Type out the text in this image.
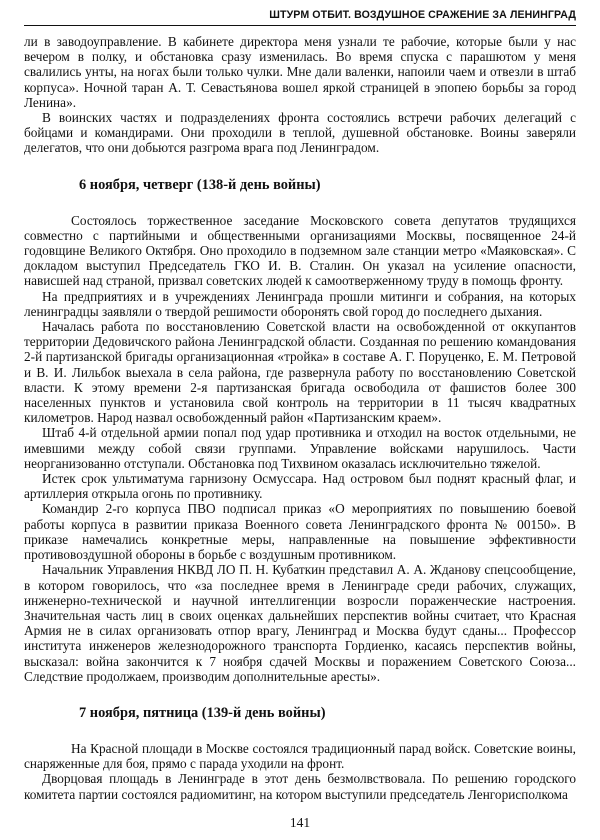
ШТУРМ ОТБИТ. ВОЗДУШНОЕ СРАЖЕНИЕ ЗА ЛЕНИНГРАД

ли в заводоуправление. В кабинете директора меня узнали те рабочие, которые были у нас вечером в полку, и обстановка сразу изменилась. Во время спуска с парашютом у меня свалились унты, на ногах были только чулки. Мне дали валенки, напоили чаем и отвезли в штаб корпуса». Ночной таран А. Т. Севастьянова вошел яркой страницей в эпопею борьбы за город Ленина».

В воинских частях и подразделениях фронта состоялись встречи рабочих делегаций с бойцами и командирами. Они проходили в теплой, душевной обстановке. Воины заверяли делегатов, что они добьются разгрома врага под Ленинградом.

6 ноября, четверг (138-й день войны)

Состоялось торжественное заседание Московского совета депутатов трудящихся совместно с партийными и общественными организациями Москвы, посвященное 24-й годовщине Великого Октября. Оно проходило в подземном зале станции метро «Маяковская». С докладом выступил Председатель ГКО И. В. Сталин. Он указал на усиление опасности, нависшей над страной, призвал советских людей к самоотверженному труду в помощь фронту.

На предприятиях и в учреждениях Ленинграда прошли митинги и собрания, на которых ленинградцы заявляли о твердой решимости оборонять свой город до последнего дыхания.

Началась работа по восстановлению Советской власти на освобожденной от оккупантов территории Дедовичского района Ленинградской области. Созданная по решению командования 2-й партизанской бригады организационная «тройка» в составе А. Г. Поруценко, Е. М. Петровой и В. И. Лильбок выехала в села района, где развернула работу по восстановлению Советской власти. К этому времени 2-я партизанская бригада освободила от фашистов более 300 населенных пунктов и установила свой контроль на территории в 11 тысяч квадратных километров. Народ назвал освобожденный район «Партизанским краем».

Штаб 4-й отдельной армии попал под удар противника и отходил на восток отдельными, не имевшими между собой связи группами. Управление войсками нарушилось. Части неорганизованно отступали. Обстановка под Тихвином оказалась исключительно тяжелой.

Истек срок ультиматума гарнизону Осмуссара. Над островом был поднят красный флаг, и артиллерия открыла огонь по противнику.

Командир 2-го корпуса ПВО подписал приказ «О мероприятиях по повышению боевой работы корпуса в развитии приказа Военного совета Ленинградского фронта № 00150». В приказе намечались конкретные меры, направленные на повышение эффективности противовоздушной обороны в борьбе с воздушным противником.

Начальник Управления НКВД ЛО П. Н. Кубаткин представил А. А. Жданову спецсообщение, в котором говорилось, что «за последнее время в Ленинграде среди рабочих, служащих, инженерно-технической и научной интеллигенции возросли пораженческие настроения. Значительная часть лиц в своих оценках дальнейших перспектив войны считает, что Красная Армия не в силах организовать отпор врагу, Ленинград и Москва будут сданы... Профессор института инженеров железнодорожного транспорта Гордиенко, касаясь перспектив войны, высказал: война закончится к 7 ноября сдачей Москвы и поражением Советского Союза... Следствие продолжаем, производим дополнительные аресты».

7 ноября, пятница (139-й день войны)

На Красной площади в Москве состоялся традиционный парад войск. Советские воины, снаряженные для боя, прямо с парада уходили на фронт.

Дворцовая площадь в Ленинграде в этот день безмолвствовала. По решению городского комитета партии состоялся радиомитинг, на котором выступили председатель Ленгорисполкома

141
